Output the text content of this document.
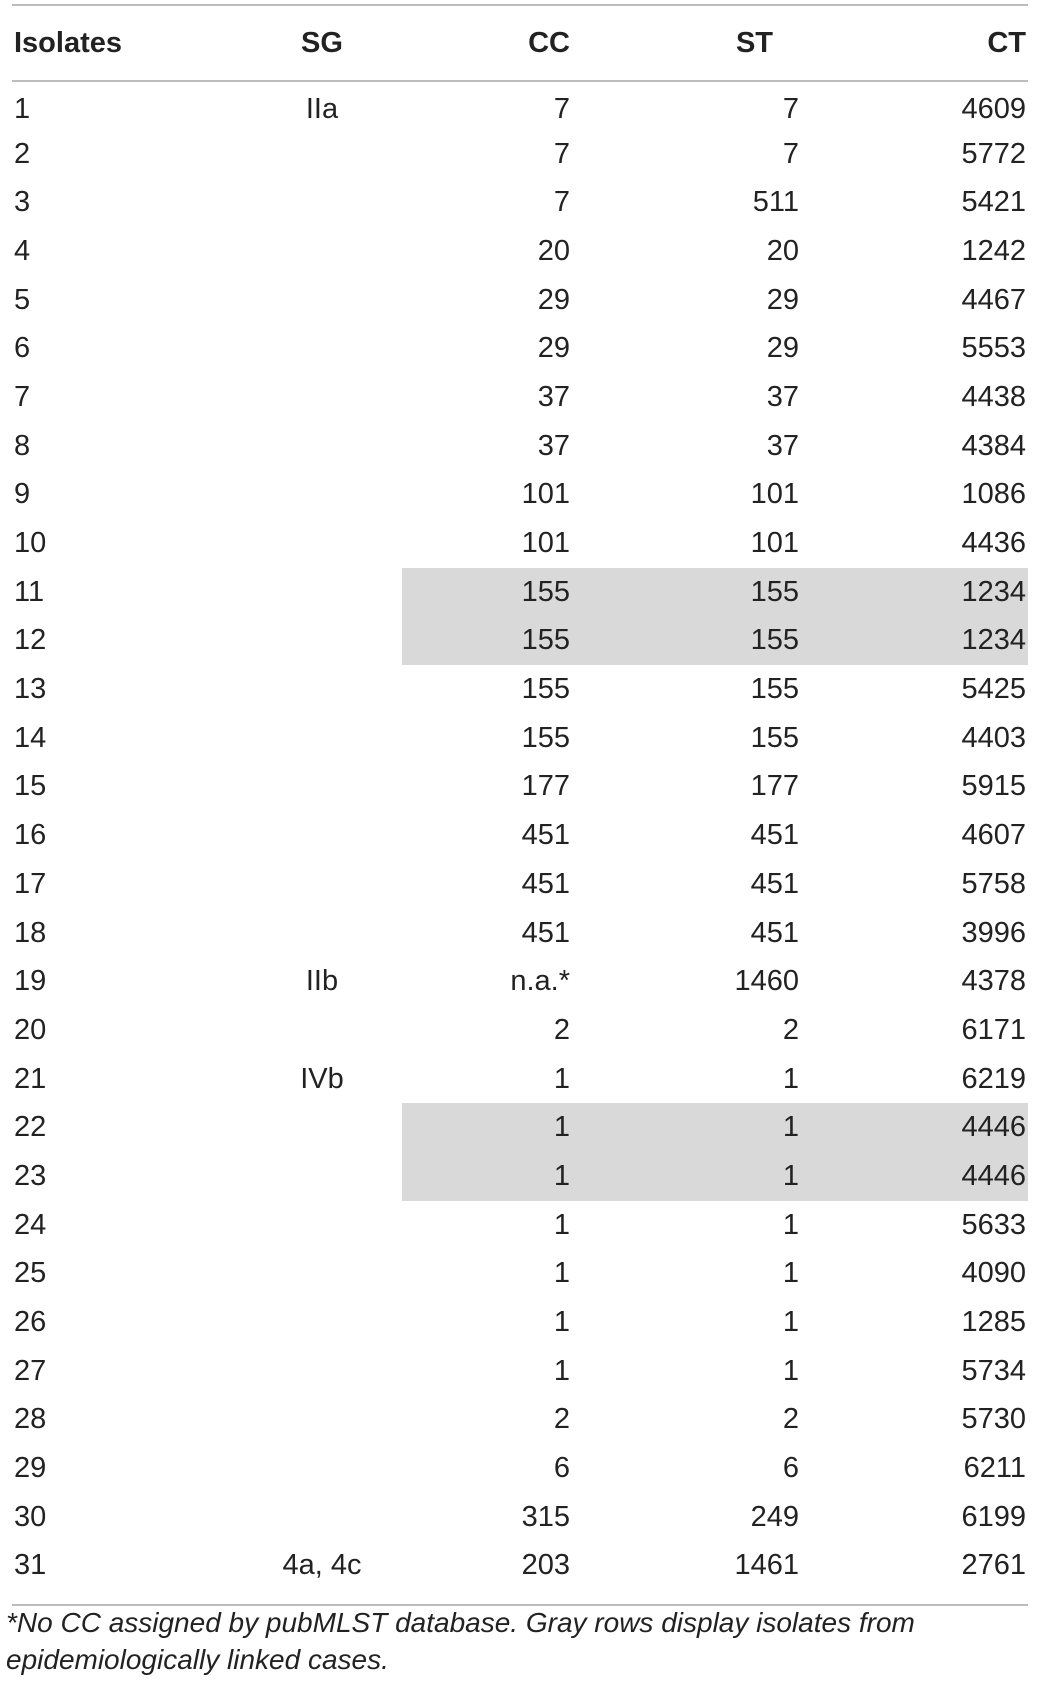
Isolates	SG	CC	ST	CT
1	IIa	7	7	4609
2		7	7	5772
3		7	511	5421
4		20	20	1242
5		29	29	4467
6		29	29	5553
7		37	37	4438
8		37	37	4384
9		101	101	1086
10		101	101	4436
11		155	155	1234
12		155	155	1234
13		155	155	5425
14		155	155	4403
15		177	177	5915
16		451	451	4607
17		451	451	5758
18		451	451	3996
19	IIb	n.a.*	1460	4378
20		2	2	6171
21	IVb	1	1	6219
22		1	1	4446
23		1	1	4446
24		1	1	5633
25		1	1	4090
26		1	1	1285
27		1	1	5734
28		2	2	5730
29		6	6	6211
30		315	249	6199
31	4a, 4c	203	1461	2761
*No CC assigned by pubMLST database. Gray rows display isolates from epidemiologically linked cases.
